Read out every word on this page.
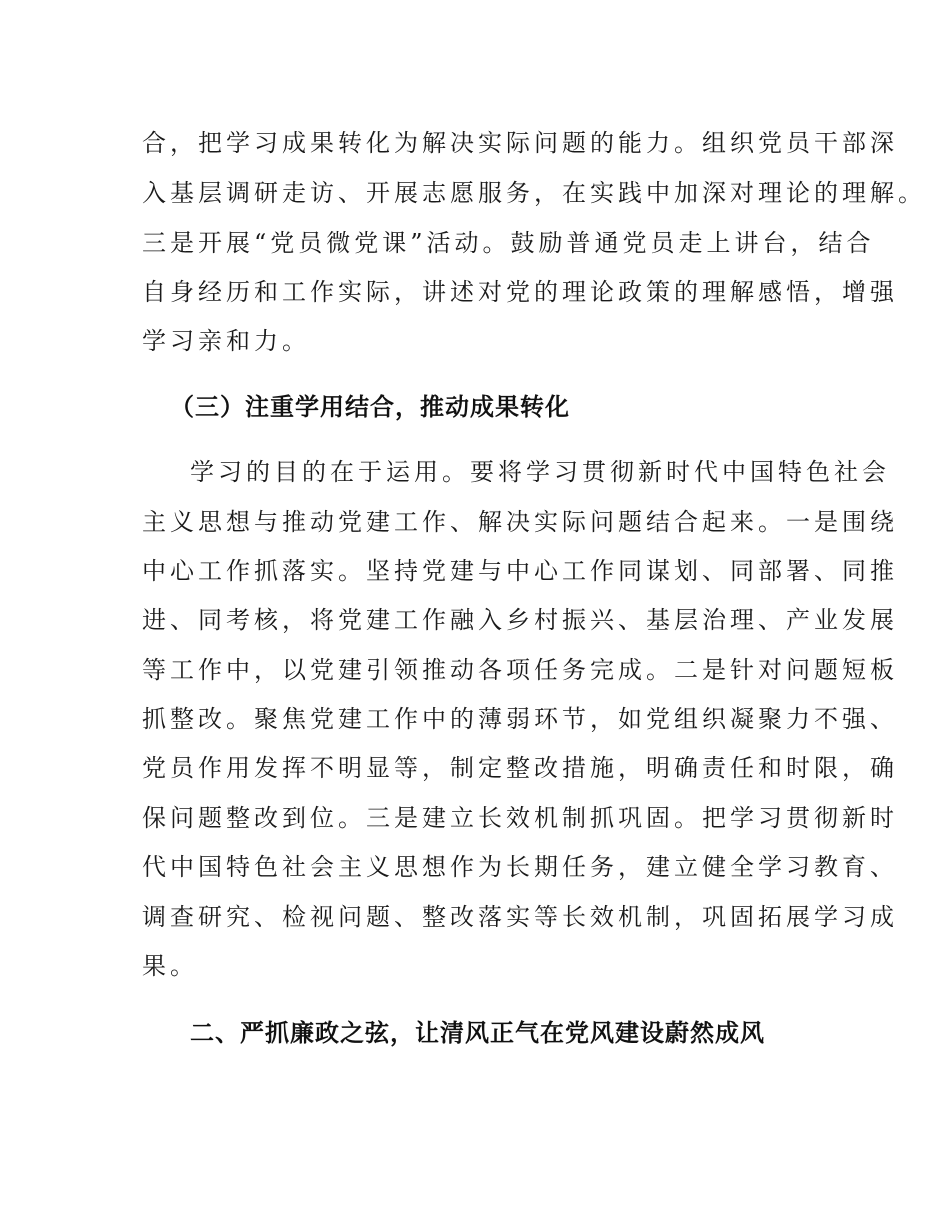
合，把学习成果转化为解决实际问题的能力。组织党员干部深
入基层调研走访、开展志愿服务，在实践中加深对理论的理解。
三是开展“党员微党课”活动。鼓励普通党员走上讲台，结合
自身经历和工作实际，讲述对党的理论政策的理解感悟，增强
学习亲和力。
（三）注重学用结合，推动成果转化
学习的目的在于运用。要将学习贯彻新时代中国特色社会
主义思想与推动党建工作、解决实际问题结合起来。一是围绕
中心工作抓落实。坚持党建与中心工作同谋划、同部署、同推
进、同考核，将党建工作融入乡村振兴、基层治理、产业发展
等工作中，以党建引领推动各项任务完成。二是针对问题短板
抓整改。聚焦党建工作中的薄弱环节，如党组织凝聚力不强、
党员作用发挥不明显等，制定整改措施，明确责任和时限，确
保问题整改到位。三是建立长效机制抓巩固。把学习贯彻新时
代中国特色社会主义思想作为长期任务，建立健全学习教育、
调查研究、检视问题、整改落实等长效机制，巩固拓展学习成
果。
二、严抓廉政之弦，让清风正气在党风建设蔚然成风
